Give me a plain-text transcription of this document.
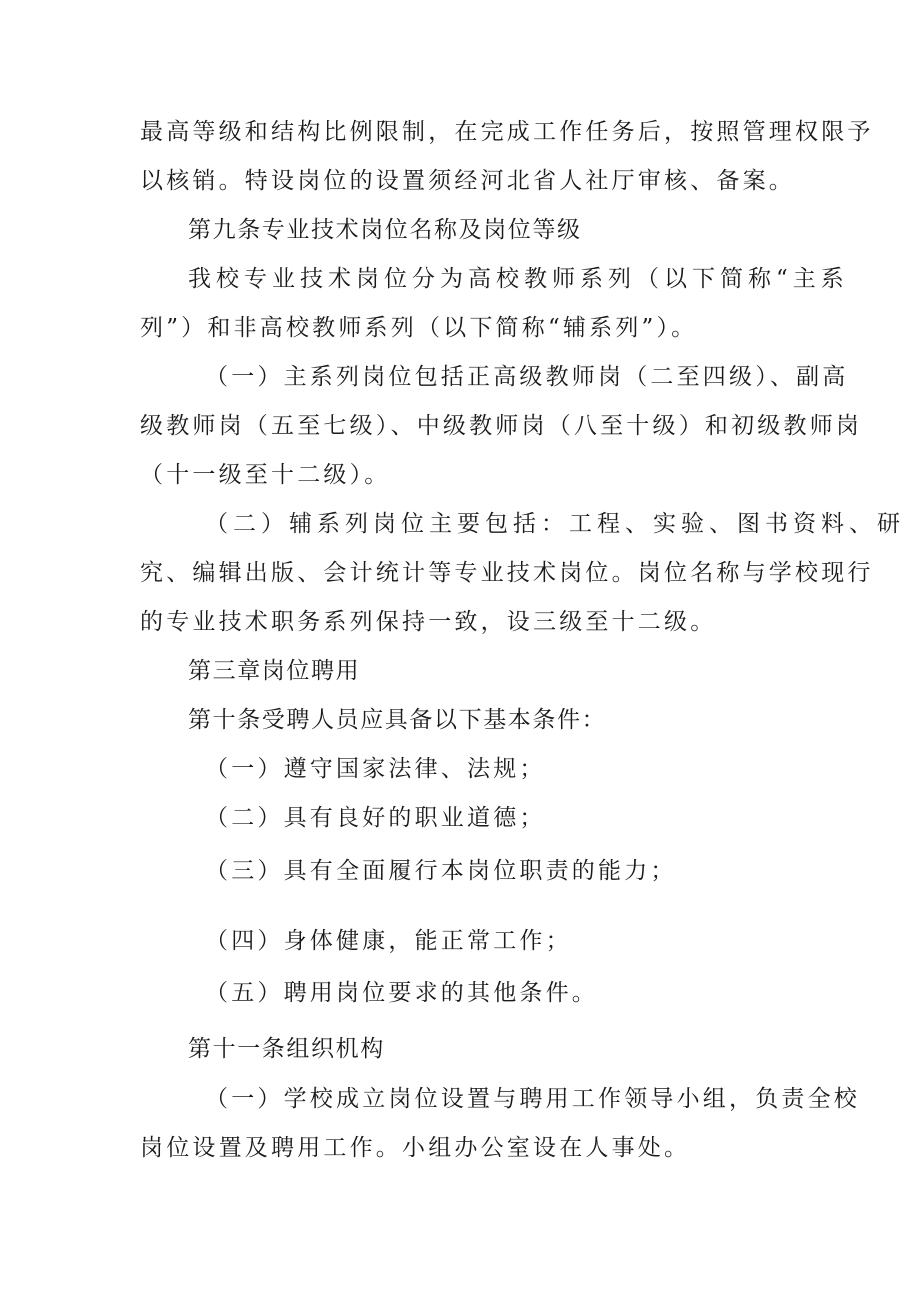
最高等级和结构比例限制，在完成工作任务后，按照管理权限予
以核销。特设岗位的设置须经河北省人社厅审核、备案。
第九条专业技术岗位名称及岗位等级
我校专业技术岗位分为高校教师系列（以下简称“主系
列”）和非高校教师系列（以下简称“辅系列”）。
（一）主系列岗位包括正高级教师岗（二至四级）、副高
级教师岗（五至七级）、中级教师岗（八至十级）和初级教师岗
（十一级至十二级）。
（二）辅系列岗位主要包括：工程、实验、图书资料、研
究、编辑出版、会计统计等专业技术岗位。岗位名称与学校现行
的专业技术职务系列保持一致，设三级至十二级。
第三章岗位聘用
第十条受聘人员应具备以下基本条件：
（一）遵守国家法律、法规；
（二）具有良好的职业道德；
（三）具有全面履行本岗位职责的能力；
（四）身体健康，能正常工作；
（五）聘用岗位要求的其他条件。
第十一条组织机构
（一）学校成立岗位设置与聘用工作领导小组，负责全校
岗位设置及聘用工作。小组办公室设在人事处。
